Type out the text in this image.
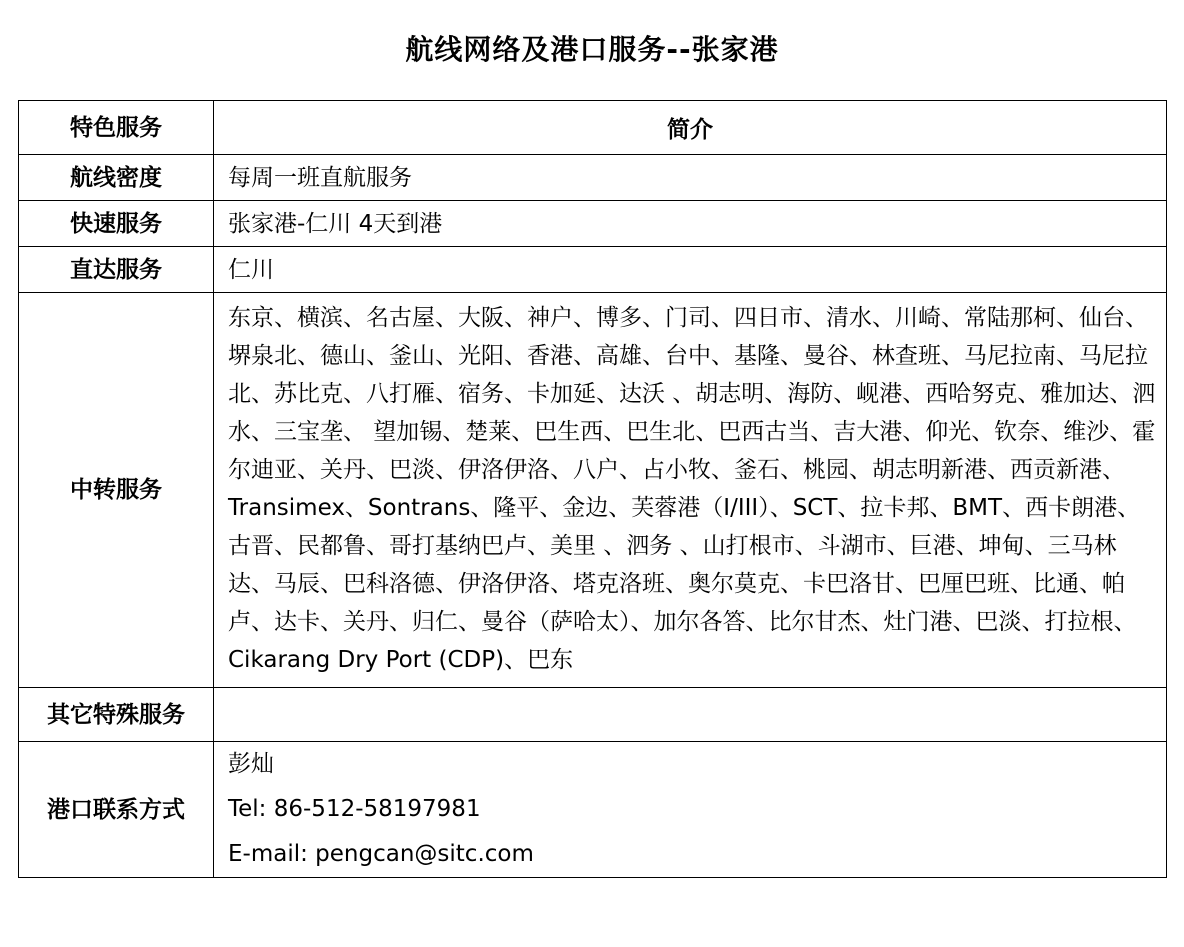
航线网络及港口服务--张家港
特色服务	简介
航线密度	每周一班直航服务
快速服务	张家港-仁川 4天到港
直达服务	仁川
中转服务	东京、横滨、名古屋、大阪、神户、博多、门司、四日市、清水、川崎、常陆那柯、仙台、堺泉北、德山、釜山、光阳、香港、高雄、台中、基隆、曼谷、林查班、马尼拉南、马尼拉北、苏比克、八打雁、宿务、卡加延、达沃 、胡志明、海防、岘港、西哈努克、雅加达、泗水、三宝垄、 望加锡、楚莱、巴生西、巴生北、巴西古当、吉大港、仰光、钦奈、维沙、霍尔迪亚、关丹、巴淡、伊洛伊洛、八户、占小牧、釜石、桃园、胡志明新港、西贡新港、Transimex、Sontrans、隆平、金边、芙蓉港（I/III）、SCT、拉卡邦、BMT、西卡朗港、古晋、民都鲁、哥打基纳巴卢、美里 、泗务 、山打根市、斗湖市、巨港、坤甸、三马林达、马辰、巴科洛德、伊洛伊洛、塔克洛班、奥尔莫克、卡巴洛甘、巴厘巴班、比通、帕卢、达卡、关丹、归仁、曼谷（萨哈太）、加尔各答、比尔甘杰、灶门港、巴淡、打拉根、Cikarang Dry Port (CDP)、巴东
其它特殊服务	
港口联系方式	彭灿
Tel: 86-512-58197981
E-mail: pengcan@sitc.com
